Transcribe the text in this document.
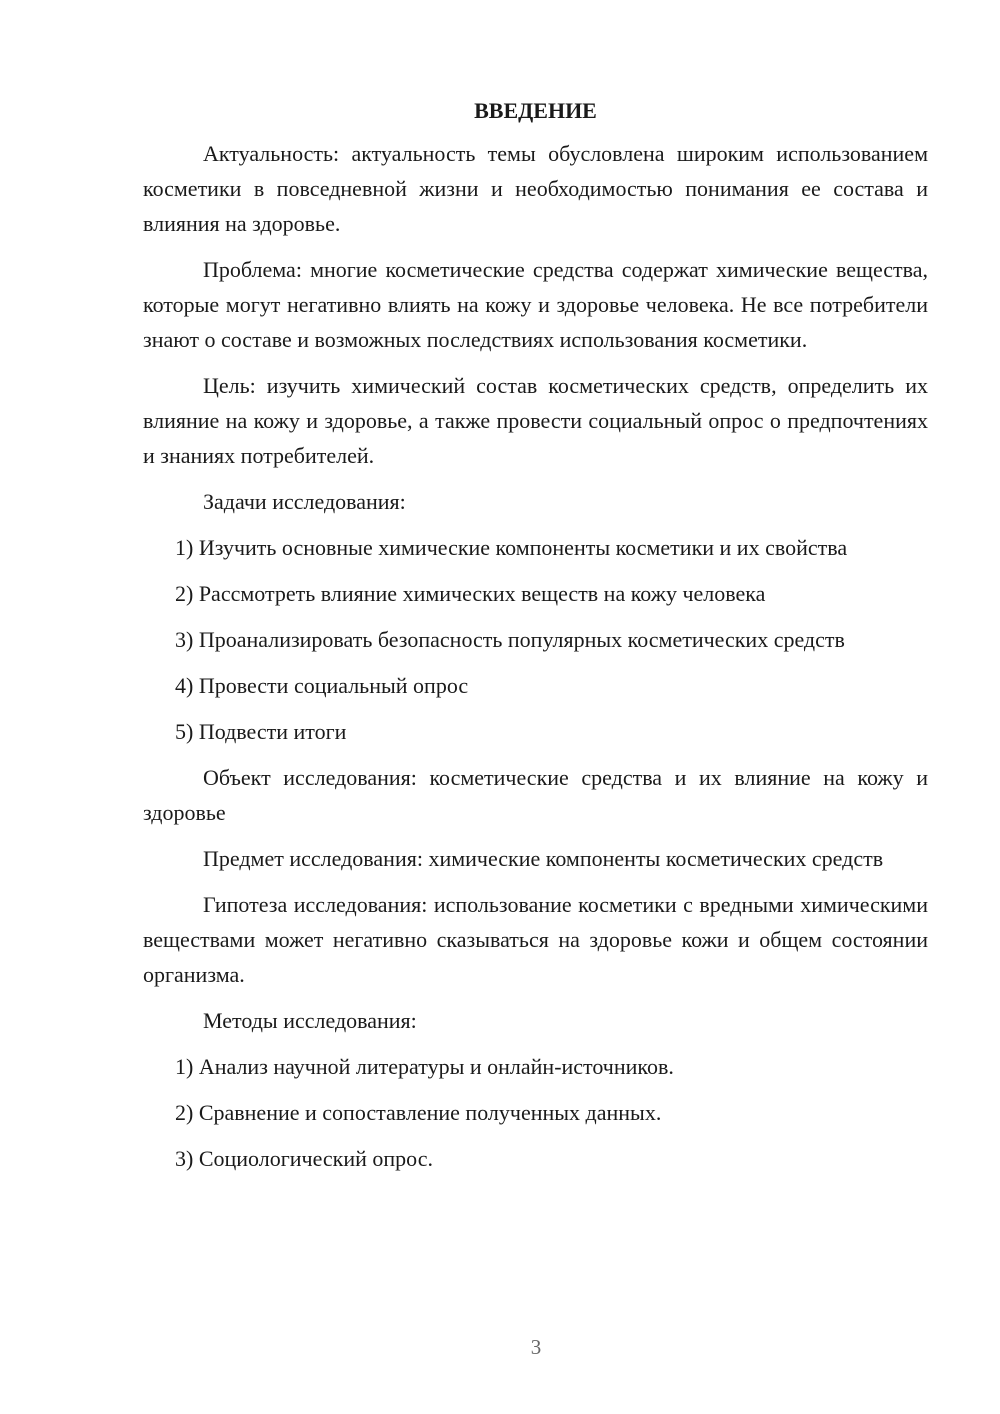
ВВЕДЕНИЕ

Актуальность: актуальность темы обусловлена широким использованием косметики в повседневной жизни и необходимостью понимания ее состава и влияния на здоровье.

Проблема: многие косметические средства содержат химические вещества, которые могут негативно влиять на кожу и здоровье человека. Не все потребители знают о составе и возможных последствиях использования косметики.

Цель: изучить химический состав косметических средств, определить их влияние на кожу и здоровье, а также провести социальный опрос о предпочтениях и знаниях потребителей.

Задачи исследования:

1) Изучить основные химические компоненты косметики и их свойства

2) Рассмотреть влияние химических веществ на кожу человека

3) Проанализировать безопасность популярных косметических средств

4) Провести социальный опрос

5) Подвести итоги

Объект исследования: косметические средства и их влияние на кожу и здоровье

Предмет исследования: химические компоненты косметических средств

Гипотеза исследования: использование косметики с вредными химическими веществами может негативно сказываться на здоровье кожи и общем состоянии организма.

Методы исследования:

1) Анализ научной литературы и онлайн-источников.

2) Сравнение и сопоставление полученных данных.

3) Социологический опрос.

3
